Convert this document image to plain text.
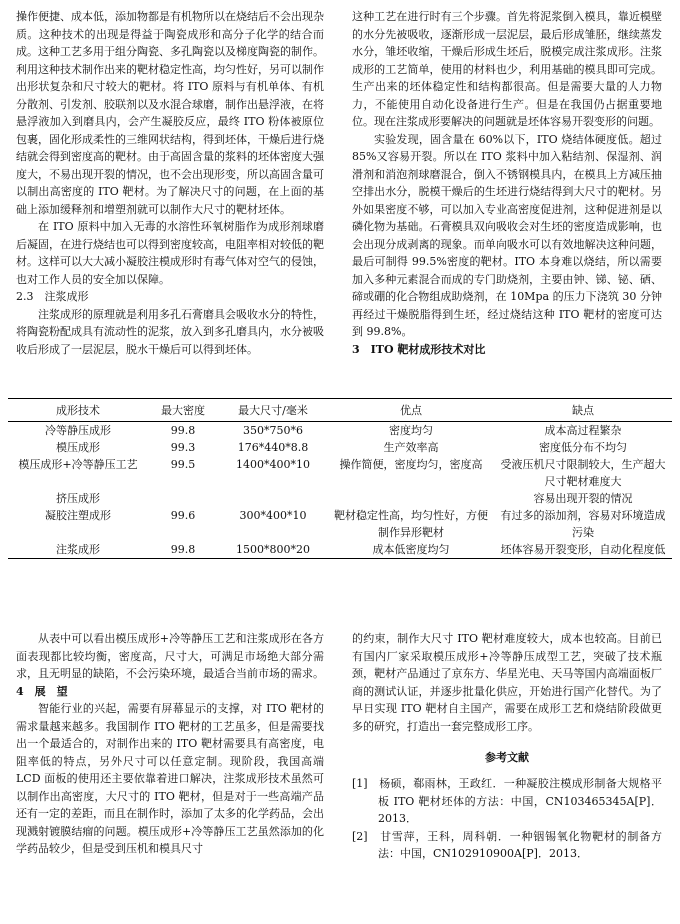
操作便捷、成本低，添加物都是有机物所以在烧结后不会出现杂质。这种技术的出现是得益于陶瓷成形和高分子化学的结合而成。这种工艺多用于组分陶瓷、多孔陶瓷以及梯度陶瓷的制作。利用这种技术制作出来的靶材稳定性高，均匀性好，另可以制作出形状复杂和尺寸较大的靶材。将 ITO 原料与有机单体、有机分散剂、引发剂、胶联剂以及水混合球磨，制作出悬浮液，在将悬浮液加入到磨具内，会产生凝胶反应，最终 ITO 粉体被原位包裹，固化形成柔性的三维网状结构，得到坯体，干燥后进行烧结就会得到密度高的靶材。由于高固含量的浆料的坯体密度大强度大，不易出现开裂的情况，也不会出现形变，所以高固含量可以制出高密度的 ITO 靶材。为了解决尺寸的问题，在上面的基础上添加缓释剂和增塑剂就可以制作大尺寸的靶材坯体。

在 ITO 原料中加入无毒的水溶性环氧树脂作为成形剂球磨后凝固，在进行烧结也可以得到密度较高，电阻率相对较低的靶材。这样可以大大减小凝胶注模成形时有毒气体对空气的侵蚀，也对工作人员的安全加以保障。

2.3　注浆成形

注浆成形的原理就是利用多孔石膏磨具会吸收水分的特性，将陶瓷粉配成具有流动性的泥浆，放入到多孔磨具内，水分被吸收后形成了一层泥层，脱水干燥后可以得到坯体。

这种工艺在进行时有三个步骤。首先将泥浆倒入模具，靠近模壁的水分先被吸收，逐渐形成一层泥层，最后形成雏胚，继续蒸发水分，雏坯收缩，干燥后形成生坯后，脱模完成注浆成形。注浆成形的工艺简单，使用的材料也少，利用基础的模具即可完成。生产出来的坯体稳定性和结构都很高。但是需要大量的人力物力，不能使用自动化设备进行生产。但是在我国仍占据重要地位。现在注浆成形要解决的问题就是坯体容易开裂变形的问题。

实验发现，固含量在 60%以下，ITO 烧结体硬度低。超过 85%又容易开裂。所以在 ITO 浆料中加入粘结剂、保湿剂、润滑剂和消泡剂球磨混合，倒入不锈钢模具内，在模具上方减压抽空排出水分，脱模干燥后的生坯进行烧结得到大尺寸的靶材。另外如果密度不够，可以加入专业高密度促进剂，这种促进剂是以磷化物为基础。石膏模具双向吸收会对生坯的密度造成影响，也会出现分成剥离的现象。而单向吸水可以有效地解决这种问题，最后可制得 99.5%密度的靶材。ITO 本身难以烧结，所以需要加入多种元素混合而成的专门助烧剂，主要由钟、锑、铋、硒、碲或硼的化合物组成助烧剂，在 10Mpa 的压力下浇筑 30 分钟再经过干燥脱脂得到生坯，经过烧结这种 ITO 靶材的密度可达到 99.8%。

3　ITO 靶材成形技术对比

成形技术	最大密度	最大尺寸/毫米	优点	缺点
冷等静压成形	99.8	350*750*6	密度均匀	成本高过程繁杂
模压成形	99.3	176*440*8.8	生产效率高	密度低分布不均匀
模压成形+冷等静压工艺	99.5	1400*400*10	操作简便，密度均匀，密度高	受液压机尺寸限制较大，生产超大尺寸靶材难度大
挤压成形				容易出现开裂的情况
凝胶注塑成形	99.6	300*400*10	靶材稳定性高，均匀性好，方便制作异形靶材	有过多的添加剂，容易对环境造成污染
注浆成形	99.8	1500*800*20	成本低密度均匀	坯体容易开裂变形，自动化程度低

从表中可以看出模压成形+冷等静压工艺和注浆成形在各方面表现都比较均衡，密度高，尺寸大，可满足市场绝大部分需求，且无明显的缺陷，不会污染环境，最适合当前市场的需求。

4　展　望

智能行业的兴起，需要有屏幕显示的支撑，对 ITO 靶材的需求量越来越多。我国制作 ITO 靶材的工艺虽多，但是需要找出一个最适合的，对制作出来的 ITO 靶材需要具有高密度，电阻率低的特点，另外尺寸可以任意定制。现阶段，我国高端 LCD 面板的使用还主要依靠着进口解决，注浆成形技术虽然可以制作出高密度，大尺寸的 ITO 靶材，但是对于一些高端产品还有一定的差距，而且在制作时，添加了太多的化学药品，会出现溅射镀膜结瘤的问题。模压成形+冷等静压工艺虽然添加的化学药品较少，但是受到压机和模具尺寸

的约束，制作大尺寸 ITO 靶材难度较大，成本也较高。目前已有国内厂家采取模压成形+冷等静压成型工艺，突破了技术瓶颈，靶材产品通过了京东方、华星光电、天马等国内高端面板厂商的测试认证，并逐步批量化供应，开始进行国产化替代。为了早日实现 ITO 靶材自主国产，需要在成形工艺和烧结阶段做更多的研究，打造出一套完整成形工序。

参考文献

[1]　杨硕，郗雨林，王政红．一种凝胶注模成形制备大规格平板 ITO 靶材坯体的方法：中国，CN103465345A[P]．2013．

[2]　甘雪萍，王科，周科朝．一种铟锡氧化物靶材的制备方法：中国，CN102910900A[P]．2013．
